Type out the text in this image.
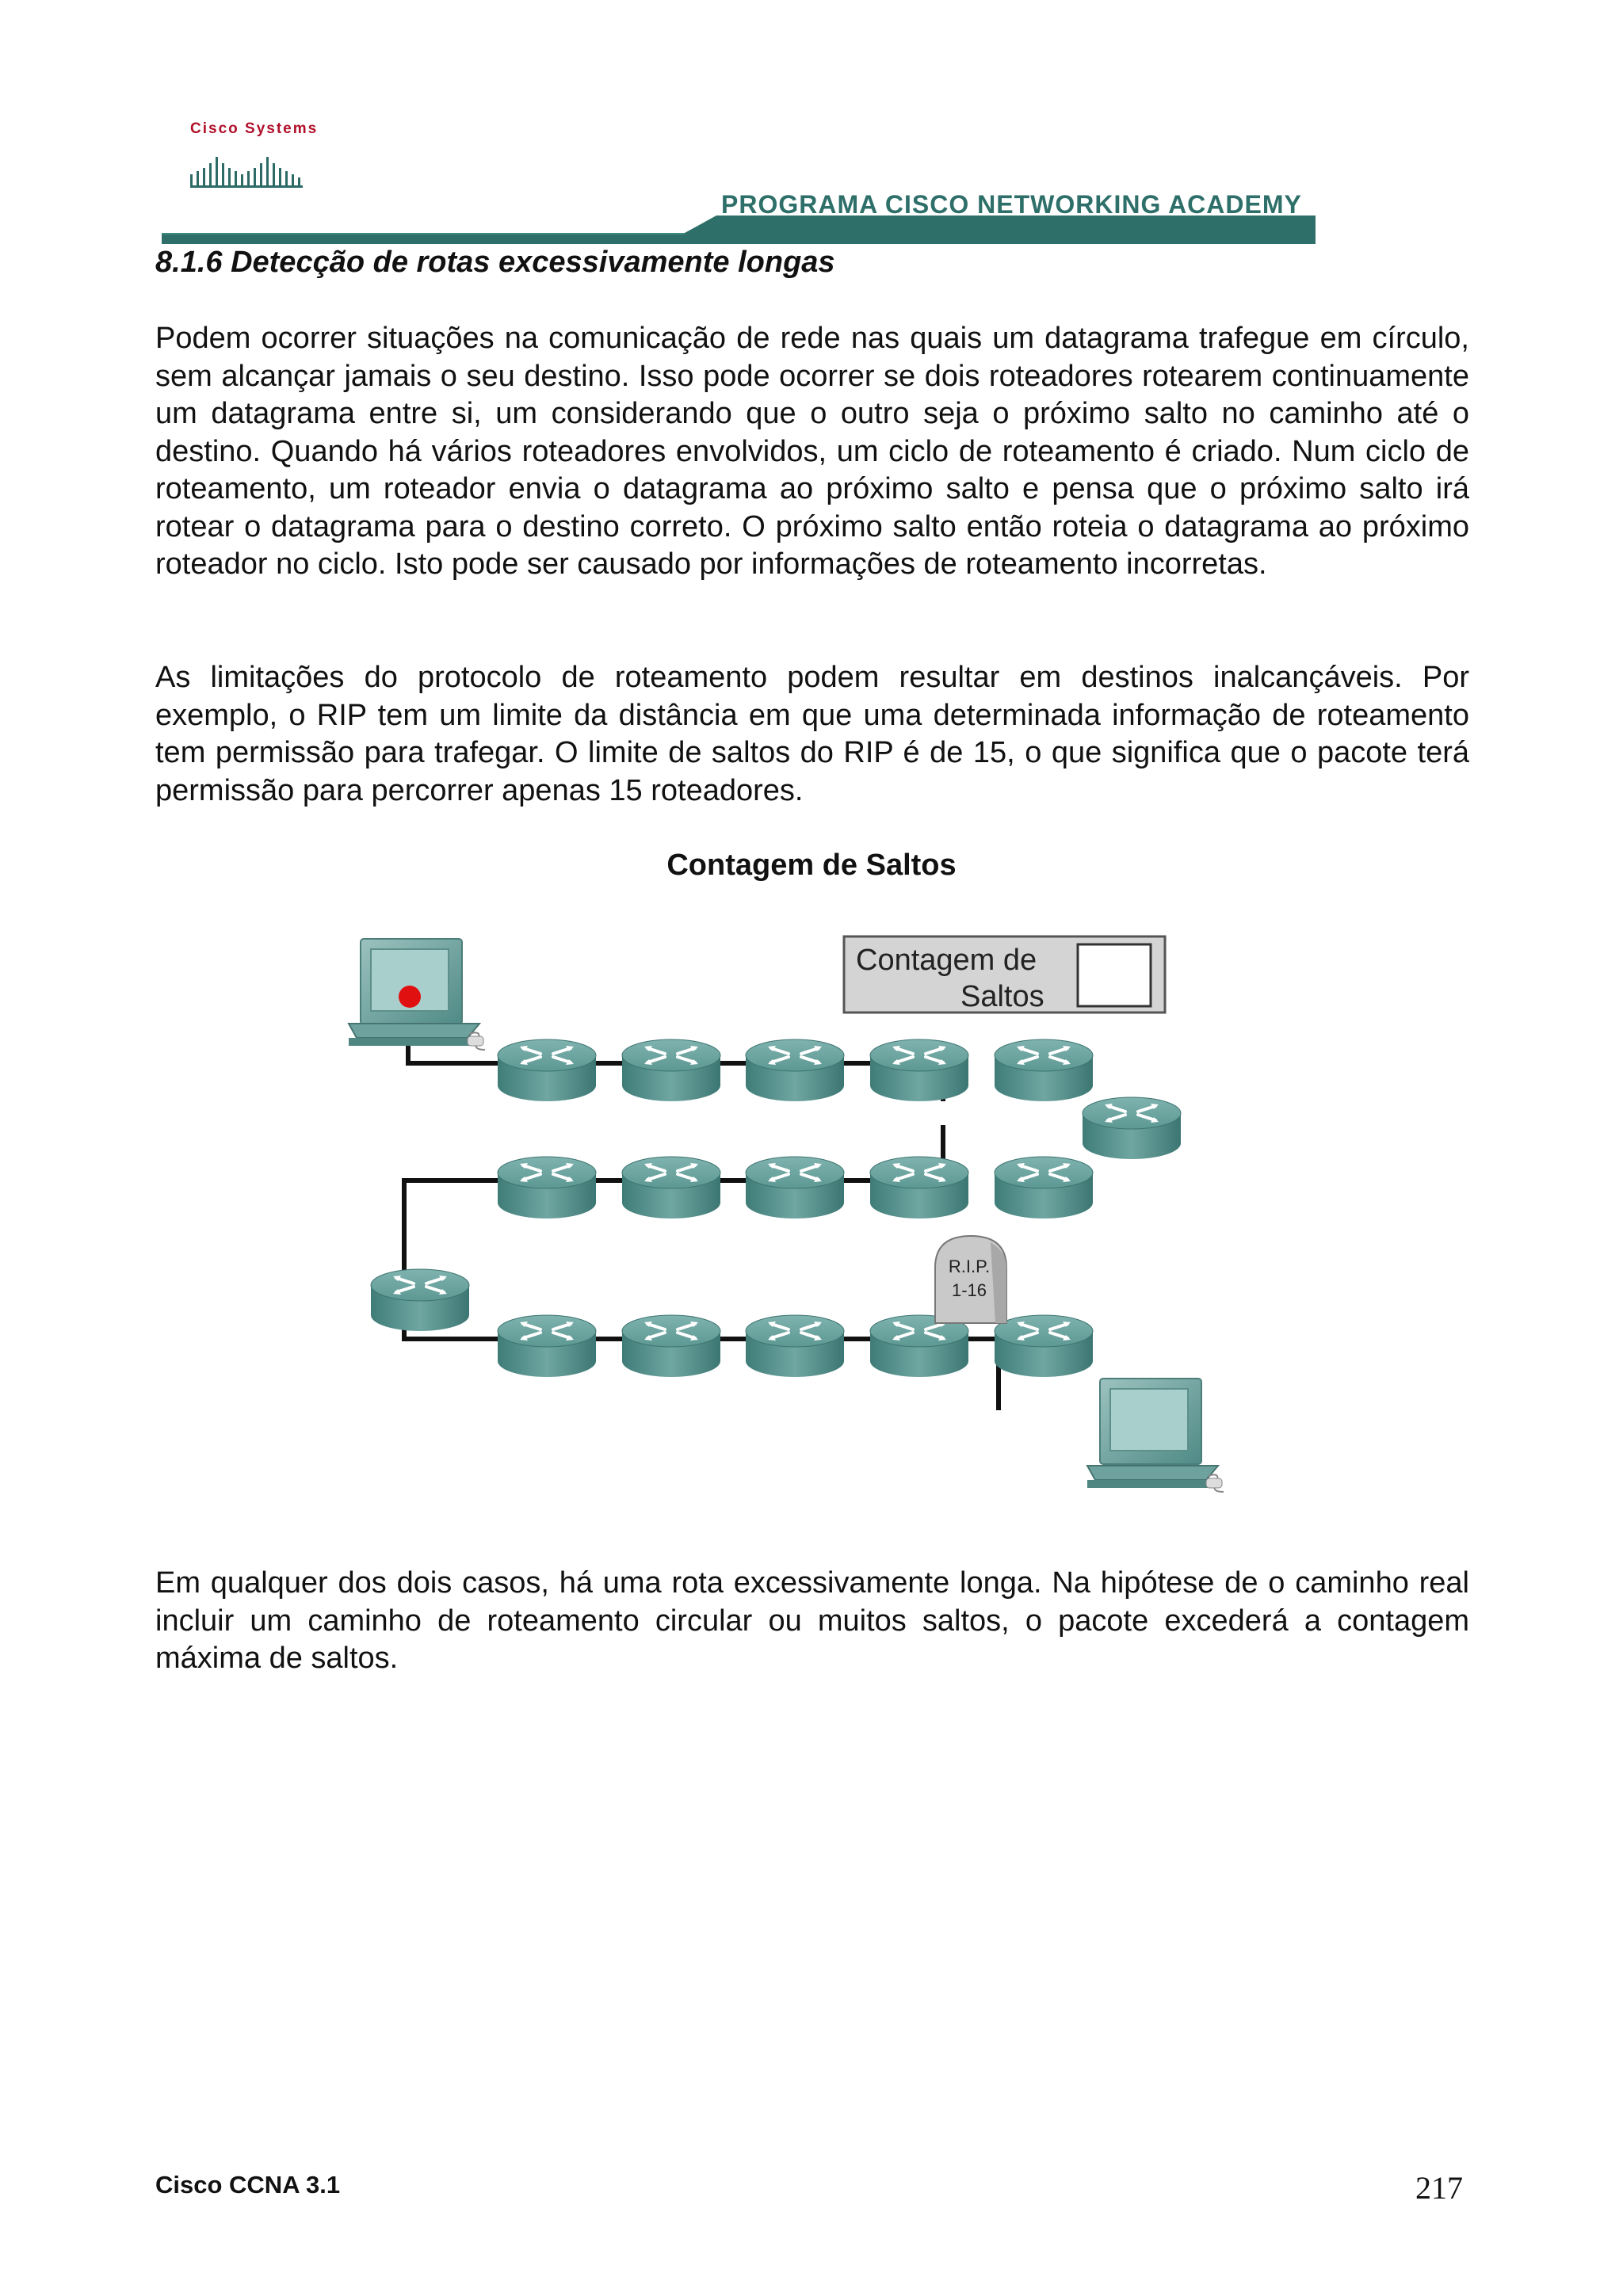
Cisco Systems
PROGRAMA CISCO NETWORKING ACADEMY
8.1.6 Detecção de rotas excessivamente longas

Podem ocorrer situações na comunicação de rede nas quais um datagrama trafegue em círculo, sem alcançar jamais o seu destino. Isso pode ocorrer se dois roteadores rotearem continuamente um datagrama entre si, um considerando que o outro seja o próximo salto no caminho até o destino. Quando há vários roteadores envolvidos, um ciclo de roteamento é criado. Num ciclo de roteamento, um roteador envia o datagrama ao próximo salto e pensa que o próximo salto irá rotear o datagrama para o destino correto. O próximo salto então roteia o datagrama ao próximo roteador no ciclo. Isto pode ser causado por informações de roteamento incorretas.

As limitações do protocolo de roteamento podem resultar em destinos inalcançáveis. Por exemplo, o RIP tem um limite da distância em que uma determinada informação de roteamento tem permissão para trafegar. O limite de saltos do RIP é de 15, o que significa que o pacote terá permissão para percorrer apenas 15 roteadores.

Contagem de Saltos
Contagem de
Saltos
R.I.P.
1-16

Em qualquer dos dois casos, há uma rota excessivamente longa. Na hipótese de o caminho real incluir um caminho de roteamento circular ou muitos saltos, o pacote excederá a contagem máxima de saltos.

Cisco CCNA 3.1	217
